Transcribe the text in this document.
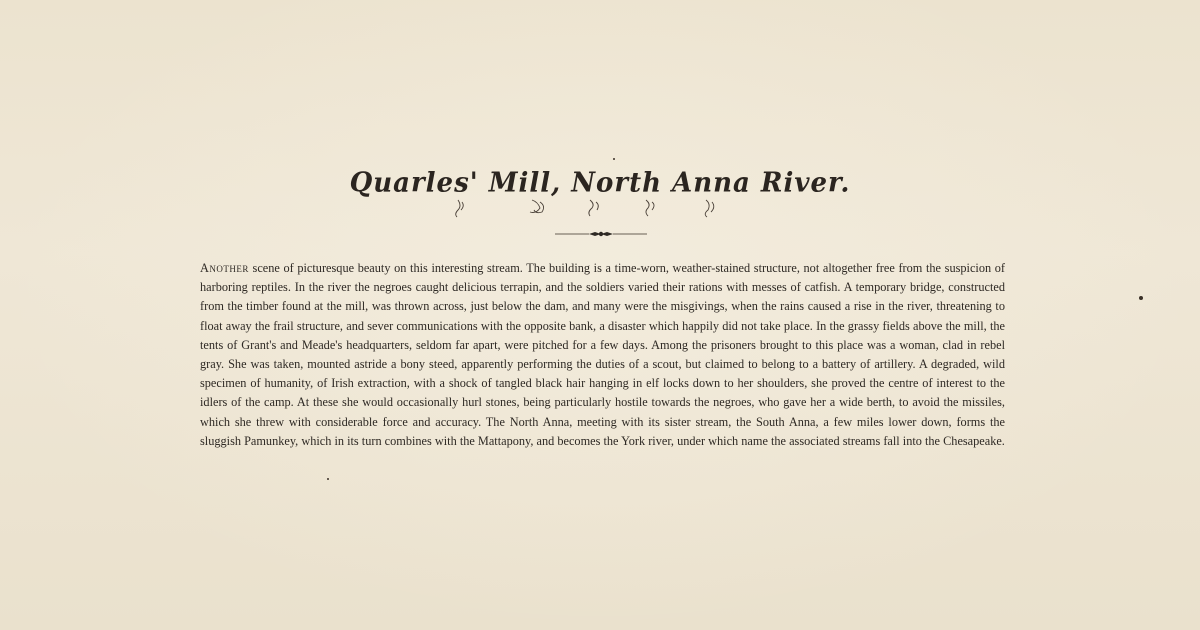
Quarles' Mill, North Anna River.
Another scene of picturesque beauty on this interesting stream. The building is a time-worn, weather-stained structure, not altogether free from the suspicion of harboring reptiles. In the river the negroes caught delicious terrapin, and the soldiers varied their rations with messes of catfish. A temporary bridge, constructed from the timber found at the mill, was thrown across, just below the dam, and many were the misgivings, when the rains caused a rise in the river, threatening to float away the frail structure, and sever communications with the opposite bank, a disaster which happily did not take place. In the grassy fields above the mill, the tents of Grant's and Meade's headquarters, seldom far apart, were pitched for a few days. Among the prisoners brought to this place was a woman, clad in rebel gray. She was taken, mounted astride a bony steed, apparently performing the duties of a scout, but claimed to belong to a battery of artillery. A degraded, wild specimen of humanity, of Irish extraction, with a shock of tangled black hair hanging in elf locks down to her shoulders, she proved the centre of interest to the idlers of the camp. At these she would occasionally hurl stones, being particularly hostile towards the negroes, who gave her a wide berth, to avoid the missiles, which she threw with considerable force and accuracy. The North Anna, meeting with its sister stream, the South Anna, a few miles lower down, forms the sluggish Pamunkey, which in its turn combines with the Mattapony, and becomes the York river, under which name the associated streams fall into the Chesapeake.
